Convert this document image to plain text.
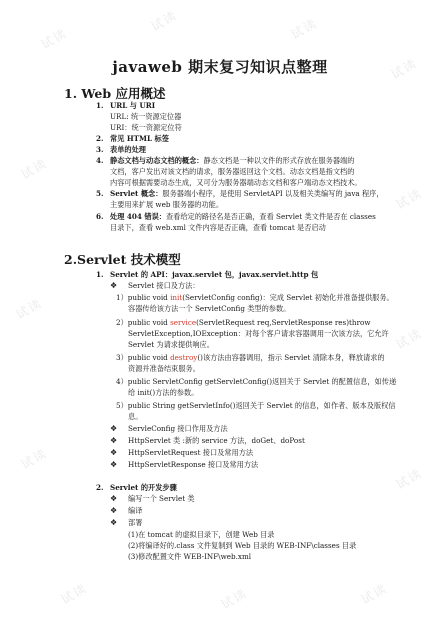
试读
试读	试读
试读
试读
试读
试读
试读
试读
试读
试读	试读	试读
javaweb 期末复习知识点整理
1. Web 应用概述
1. URL 与 URI
URL: 统一资源定位器
URI：统一资源定位符
2. 常见 HTML 标签
3. 表单的处理
4. 静态文档与动态文档的概念：静态文档是一种以文件的形式存放在服务器端的
文档，客户发出对该文档的请求，服务器返回这个文档。动态文档是指文档的
内容可根据需要动态生成，又可分为服务器端动态文档和客户端动态文档技术。
5. Servlet 概念：服务器端小程序，是使用 ServletAPI 以及相关类编写的 java 程序，
主要用来扩展 web 服务器的功能。
6. 处理 404 错误：查看给定的路径名是否正确，查看 Servlet 类文件是否在 classes
目录下，查看 web.xml 文件内容是否正确，查看 tomcat 是否启动
2.Servlet 技术模型
1. Servlet 的 API：javax.servlet 包，javax.servlet.http 包
❖ Servlet 接口及方法：
1）public void init(ServletConfig config)：完成 Servlet 初始化并准备提供服务。
容器传给该方法一个 ServletConfig 类型的参数。
2）public void service(ServletRequest req,ServletResponse res)throw
ServletException,IOException：对每个客户请求容器调用一次该方法，它允许
Servlet 为请求提供响应。
3）public void destroy()该方法由容器调用，指示 Servlet 清除本身，释放请求的
资源并准备结束服务。
4）public ServletConfig getServletConfig()返回关于 Servlet 的配置信息，如传递
给 init()方法的参数。
5）public String getServletInfo()返回关于 Servlet 的信息，如作者、版本及版权信
息。
❖ ServleConfig 接口作用及方法
❖ HttpServlet 类 :新的 service 方法，doGet、doPost
❖ HttpServletRequest 接口及常用方法
❖ HttpServletResponse 接口及常用方法
2. Servlet 的开发步骤
❖ 编写一个 Servlet 类
❖ 编译
❖ 部署
(1)在 tomcat 的虚拟目录下，创建 Web 目录
(2)将编译好的.class 文件复制到 Web 目录的 WEB-INF\classes 目录
(3)修改配置文件 WEB-INF\web.xml
